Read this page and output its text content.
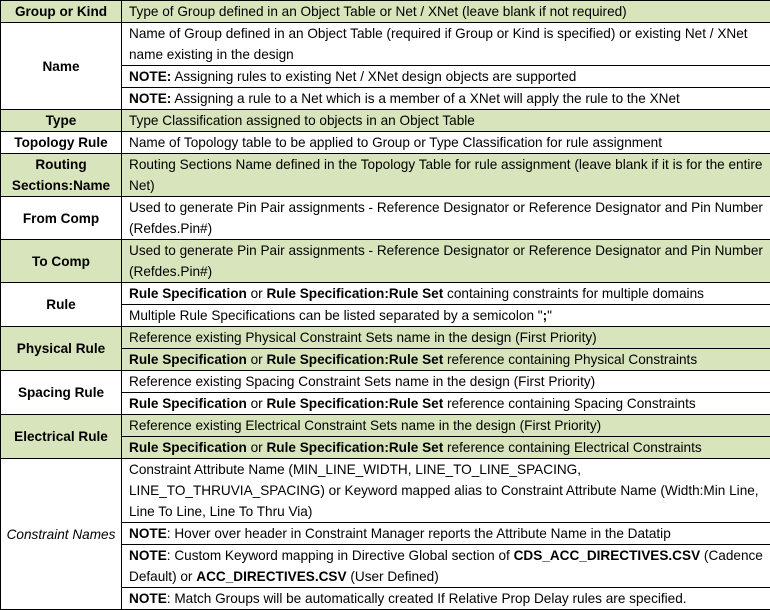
Group or Kind	Type of Group defined in an Object Table or Net / XNet (leave blank if not required)
Name	Name of Group defined in an Object Table (required if Group or Kind is specified) or existing Net / XNet name existing in the design
	NOTE: Assigning rules to existing Net / XNet design objects are supported
	NOTE: Assigning a rule to a Net which is a member of a XNet will apply the rule to the XNet
Type	Type Classification assigned to objects in an Object Table
Topology Rule	Name of Topology table to be applied to Group or Type Classification for rule assignment
Routing Sections:Name	Routing Sections Name defined in the Topology Table for rule assignment (leave blank if it is for the entire Net)
From Comp	Used to generate Pin Pair assignments - Reference Designator or Reference Designator and Pin Number (Refdes.Pin#)
To Comp	Used to generate Pin Pair assignments - Reference Designator or Reference Designator and Pin Number (Refdes.Pin#)
Rule	Rule Specification or Rule Specification:Rule Set containing constraints for multiple domains
	Multiple Rule Specifications can be listed separated by a semicolon ";"
Physical Rule	Reference existing Physical Constraint Sets name in the design (First Priority)
	Rule Specification or Rule Specification:Rule Set reference containing Physical Constraints
Spacing Rule	Reference existing Spacing Constraint Sets name in the design (First Priority)
	Rule Specification or Rule Specification:Rule Set reference containing Spacing Constraints
Electrical Rule	Reference existing Electrical Constraint Sets name in the design (First Priority)
	Rule Specification or Rule Specification:Rule Set reference containing Electrical Constraints
Constraint Names	Constraint Attribute Name (MIN_LINE_WIDTH, LINE_TO_LINE_SPACING, LINE_TO_THRUVIA_SPACING) or Keyword mapped alias to Constraint Attribute Name (Width:Min Line, Line To Line, Line To Thru Via)
	NOTE: Hover over header in Constraint Manager reports the Attribute Name in the Datatip
	NOTE: Custom Keyword mapping in Directive Global section of CDS_ACC_DIRECTIVES.CSV (Cadence Default) or ACC_DIRECTIVES.CSV (User Defined)
	NOTE: Match Groups will be automatically created If Relative Prop Delay rules are specified.
